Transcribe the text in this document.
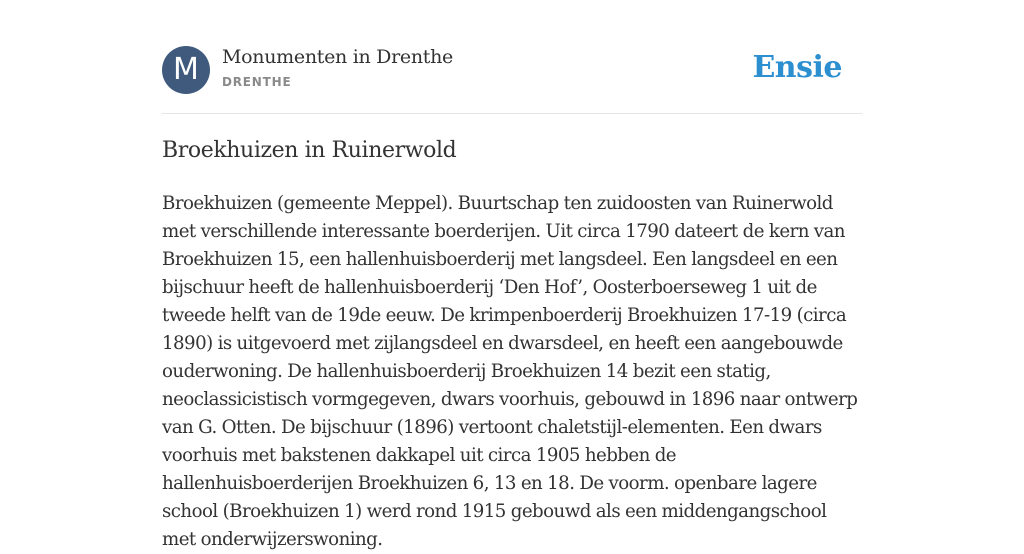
M	Monumenten in Drenthe
DRENTHE	Ensie
Broekhuizen in Ruinerwold

Broekhuizen (gemeente Meppel). Buurtschap ten zuidoosten van Ruinerwold met verschillende interessante boerderijen. Uit circa 1790 dateert de kern van Broekhuizen 15, een hallenhuisboerderij met langsdeel. Een langsdeel en een bijschuur heeft de hallenhuisboerderij ‘Den Hof’, Oosterboerseweg 1 uit de tweede helft van de 19de eeuw. De krimpenboerderij Broekhuizen 17-19 (circa 1890) is uitgevoerd met zijlangsdeel en dwarsdeel, en heeft een aangebouwde ouderwoning. De hallenhuisboerderij Broekhuizen 14 bezit een statig, neoclassicistisch vormgegeven, dwars voorhuis, gebouwd in 1896 naar ontwerp van G. Otten. De bijschuur (1896) vertoont chaletstijl-elementen. Een dwars voorhuis met bakstenen dakkapel uit circa 1905 hebben de hallenhuisboerderijen Broekhuizen 6, 13 en 18. De voorm. openbare lagere school (Broekhuizen 1) werd rond 1915 gebouwd als een middengangschool met onderwijzerswoning.
